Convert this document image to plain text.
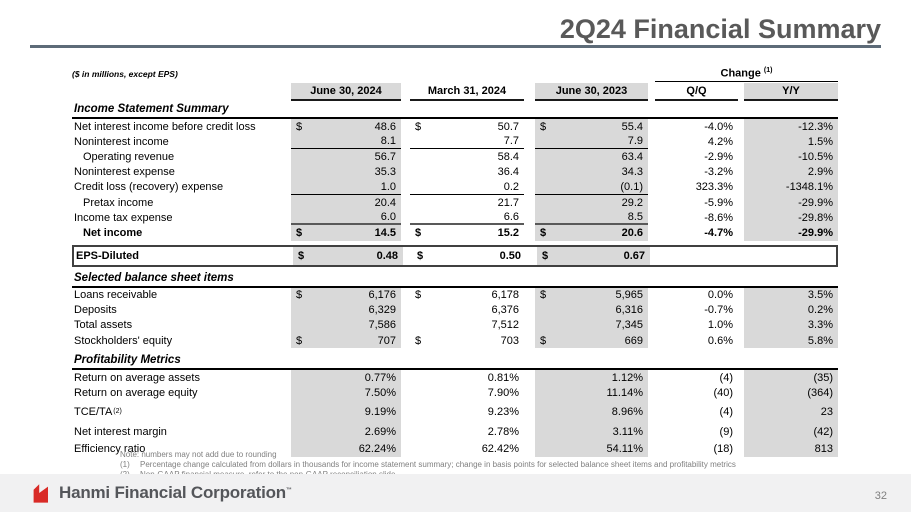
2Q24 Financial Summary
($ in millions, except EPS)	Change $^{(1)}$
June 30, 2024	March 31, 2024	June 30, 2023	Q/Q	Y/Y
Income Statement Summary
Net interest income before credit loss	$	48.6 $	50.7 $	55.4	-4.0%	-12.3%
Noninterest income	8.1	7.7	7.9	4.2%	1.5%
Operating revenue	56.7	58.4	63.4	-2.9%	-10.5%
Noninterest expense	35.3	36.4	34.3	-3.2%	2.9%
Credit loss (recovery) expense	1.0	0.2	(0.1)	323.3%	-1348.1%
Pretax income	20.4	21.7	29.2	-5.9%	-29.9%
Income tax expense	6.0	6.6	8.5	-8.6%	-29.8%
Net income	$	14.5 $	15.2 $	20.6	-4.7%	-29.9%
EPS-Diluted	$	0.48 $	0.50 $	0.67
Selected balance sheet items
Loans receivable	$	6,176 $	6,178 $	5,965	0.0%	3.5%
Deposits	6,329	6,376	6,316	-0.7%	0.2%
Total assets	7,586	7,512	7,345	1.0%	3.3%
Stockholders' equity	$	707 $	703 $	669	0.6%	5.8%
Profitability Metrics
Return on average assets	0.77%	0.81%	1.12%	(4)	(35)
Return on average equity	7.50%	7.90%	11.14%	(40)	(364)
TCE/TA (2)	9.19%	9.23%	8.96%	(4)	23
Net interest margin	2.69%	2.78%	3.11%	(9)	(42)
Efficiency ratio	62.24%	62.42%	54.11%	(18)	813
Note: numbers may not add due to rounding
(1)	Percentage change calculated from dollars in thousands for income statement summary; change in basis points for selected balance sheet items and profitability metrics
Hanmi Financial Corporation™	32
